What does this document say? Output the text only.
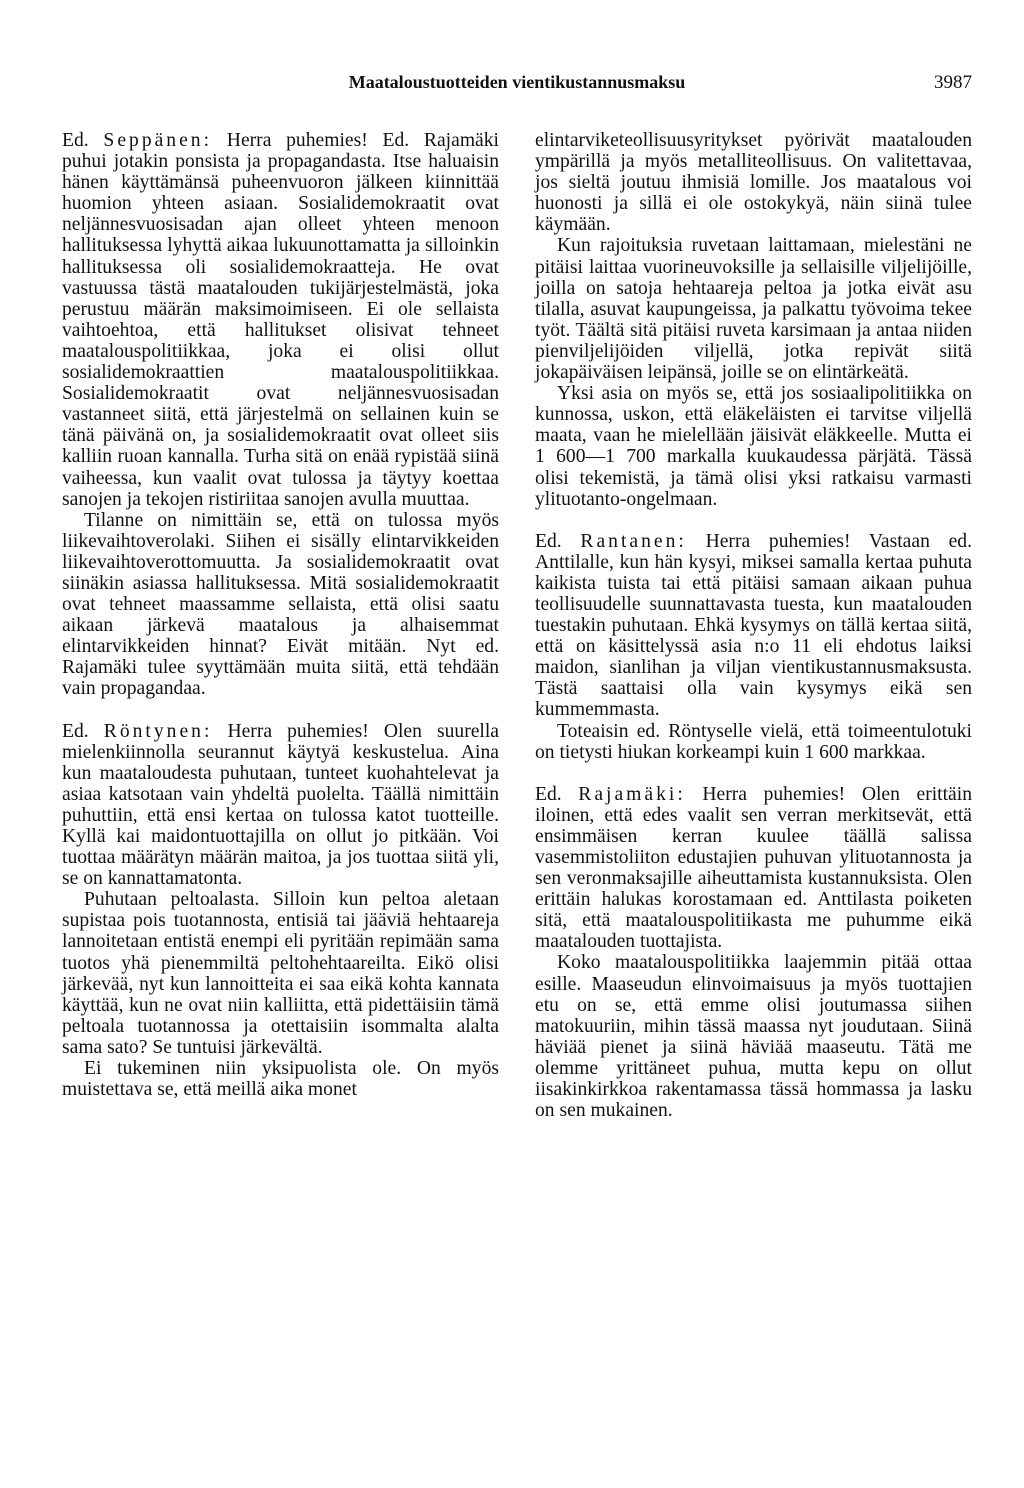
Maataloustuotteiden vientikustannusmaksu	3987

Ed. Seppänen: Herra puhemies! Ed. Rajamäki puhui jotakin ponsista ja propagandasta. Itse haluaisin hänen käyttämänsä puheenvuoron jälkeen kiinnittää huomion yhteen asiaan. Sosialidemokraatit ovat neljännesvuosisadan ajan olleet yhteen menoon hallituksessa lyhyttä aikaa lukuunottamatta ja silloinkin hallituksessa oli sosialidemokraatteja. He ovat vastuussa tästä maatalouden tukijärjestelmästä, joka perustuu määrän maksimoimiseen. Ei ole sellaista vaihtoehtoa, että hallitukset olisivat tehneet maatalouspolitiikkaa, joka ei olisi ollut sosialidemokraattien maatalouspolitiikkaa. Sosialidemokraatit ovat neljännesvuosisadan vastanneet siitä, että järjestelmä on sellainen kuin se tänä päivänä on, ja sosialidemokraatit ovat olleet siis kalliin ruoan kannalla. Turha sitä on enää rypistää siinä vaiheessa, kun vaalit ovat tulossa ja täytyy koettaa sanojen ja tekojen ristiriitaa sanojen avulla muuttaa.

Tilanne on nimittäin se, että on tulossa myös liikevaihtoverolaki. Siihen ei sisälly elintarvikkeiden liikevaihtoverottomuutta. Ja sosialidemokraatit ovat siinäkin asiassa hallituksessa. Mitä sosialidemokraatit ovat tehneet maassamme sellaista, että olisi saatu aikaan järkevä maatalous ja alhaisemmat elintarvikkeiden hinnat? Eivät mitään. Nyt ed. Rajamäki tulee syyttämään muita siitä, että tehdään vain propagandaa.

Ed. Röntynen: Herra puhemies! Olen suurella mielenkiinnolla seurannut käytyä keskustelua. Aina kun maataloudesta puhutaan, tunteet kuohahtelevat ja asiaa katsotaan vain yhdeltä puolelta. Täällä nimittäin puhuttiin, että ensi kertaa on tulossa katot tuotteille. Kyllä kai maidontuottajilla on ollut jo pitkään. Voi tuottaa määrätyn määrän maitoa, ja jos tuottaa siitä yli, se on kannattamatonta.

Puhutaan peltoalasta. Silloin kun peltoa aletaan supistaa pois tuotannosta, entisiä tai jääviä hehtaareja lannoitetaan entistä enempi eli pyritään repimään sama tuotos yhä pienemmiltä peltohehtaareilta. Eikö olisi järkevää, nyt kun lannoitteita ei saa eikä kohta kannata käyttää, kun ne ovat niin kalliitta, että pidettäisiin tämä peltoala tuotannossa ja otettaisiin isommalta alalta sama sato? Se tuntuisi järkevältä.

Ei tukeminen niin yksipuolista ole. On myös muistettava se, että meillä aika monet

elintarviketeollisuusyritykset pyörivät maatalouden ympärillä ja myös metalliteollisuus. On valitettavaa, jos sieltä joutuu ihmisiä lomille. Jos maatalous voi huonosti ja sillä ei ole ostokykyä, näin siinä tulee käymään.

Kun rajoituksia ruvetaan laittamaan, mielestäni ne pitäisi laittaa vuorineuvoksille ja sellaisille viljelijöille, joilla on satoja hehtaareja peltoa ja jotka eivät asu tilalla, asuvat kaupungeissa, ja palkattu työvoima tekee työt. Täältä sitä pitäisi ruveta karsimaan ja antaa niiden pienviljelijöiden viljellä, jotka repivät siitä jokapäiväisen leipänsä, joille se on elintärkeätä.

Yksi asia on myös se, että jos sosiaalipolitiikka on kunnossa, uskon, että eläkeläisten ei tarvitse viljellä maata, vaan he mielellään jäisivät eläkkeelle. Mutta ei 1 600—1 700 markalla kuukaudessa pärjätä. Tässä olisi tekemistä, ja tämä olisi yksi ratkaisu varmasti ylituotanto-ongelmaan.

Ed. Rantanen: Herra puhemies! Vastaan ed. Anttilalle, kun hän kysyi, miksei samalla kertaa puhuta kaikista tuista tai että pitäisi samaan aikaan puhua teollisuudelle suunnattavasta tuesta, kun maatalouden tuestakin puhutaan. Ehkä kysymys on tällä kertaa siitä, että on käsittelyssä asia n:o 11 eli ehdotus laiksi maidon, sianlihan ja viljan vientikustannusmaksusta. Tästä saattaisi olla vain kysymys eikä sen kummemmasta.

Toteaisin ed. Röntyselle vielä, että toimeentulotuki on tietysti hiukan korkeampi kuin 1 600 markkaa.

Ed. Rajamäki: Herra puhemies! Olen erittäin iloinen, että edes vaalit sen verran merkitsevät, että ensimmäisen kerran kuulee täällä salissa vasemmistoliiton edustajien puhuvan ylituotannosta ja sen veronmaksajille aiheuttamista kustannuksista. Olen erittäin halukas korostamaan ed. Anttilasta poiketen sitä, että maatalouspolitiikasta me puhumme eikä maatalouden tuottajista.

Koko maatalouspolitiikka laajemmin pitää ottaa esille. Maaseudun elinvoimaisuus ja myös tuottajien etu on se, että emme olisi joutumassa siihen matokuuriin, mihin tässä maassa nyt joudutaan. Siinä häviää pienet ja siinä häviää maaseutu. Tätä me olemme yrittäneet puhua, mutta kepu on ollut iisakinkirkkoa rakentamassa tässä hommassa ja lasku on sen mukainen.
